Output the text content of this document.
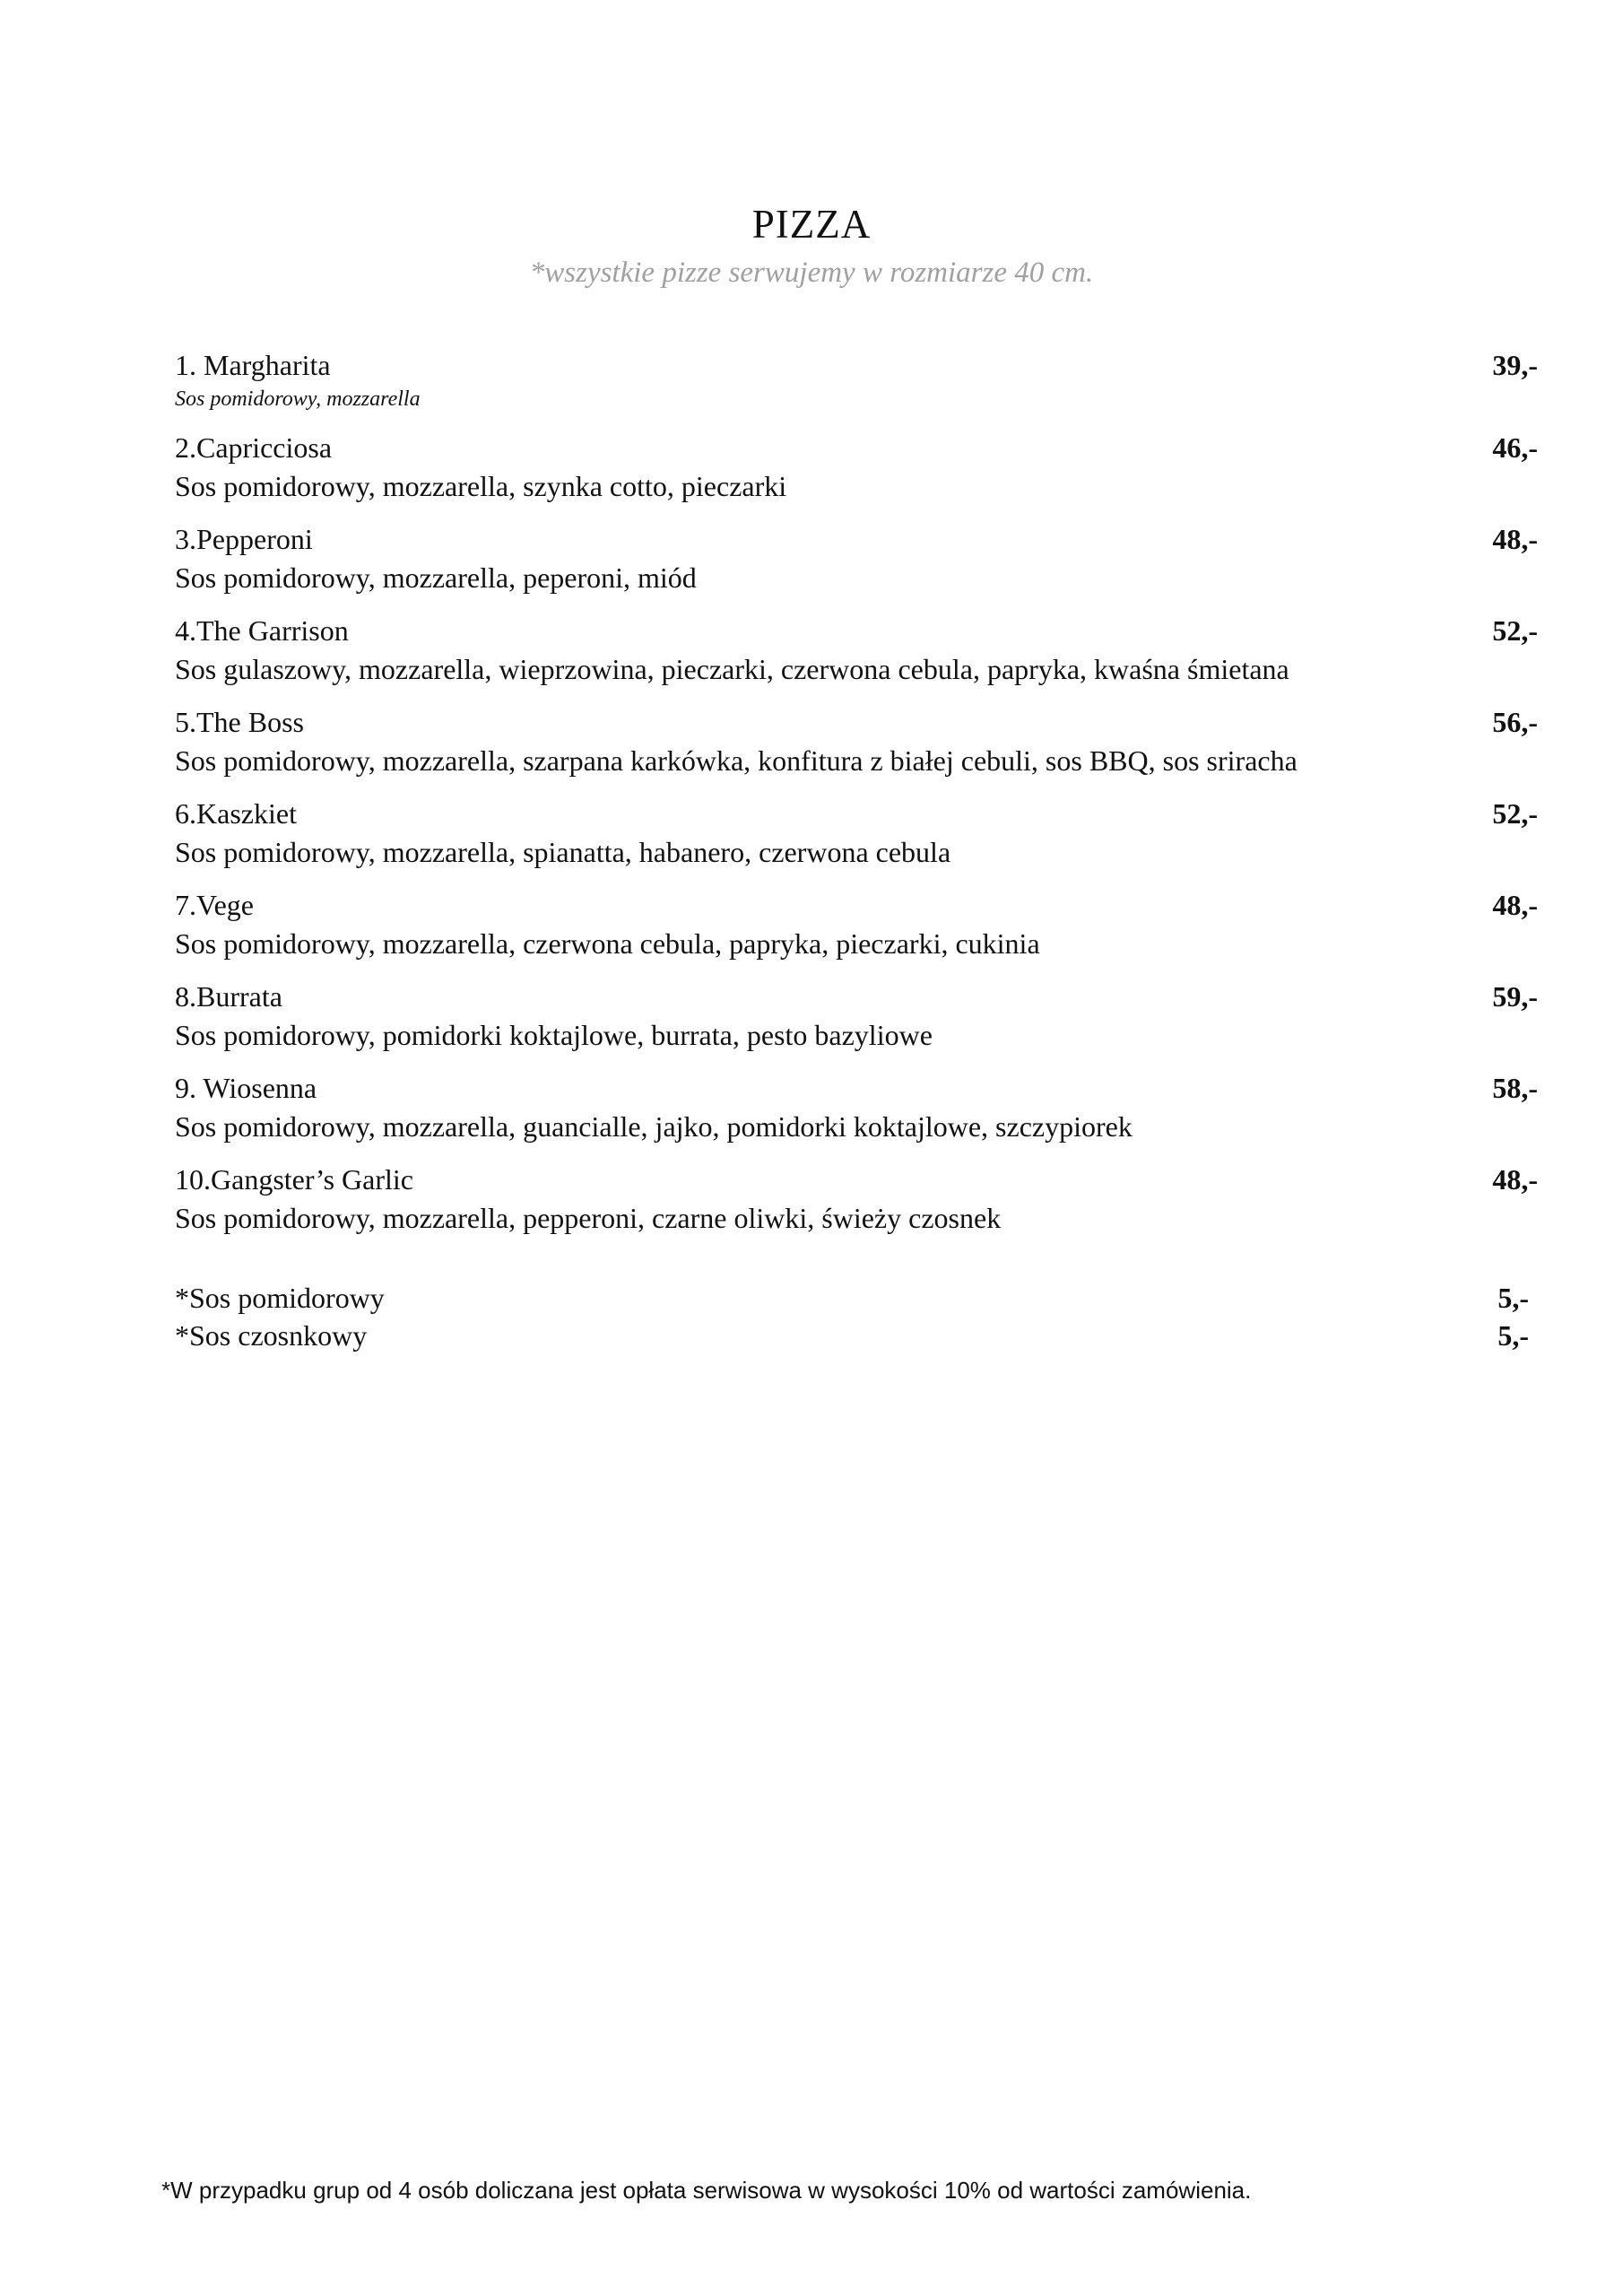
PIZZA
*wszystkie pizze serwujemy w rozmiarze 40 cm.
1. Margharita
Sos pomidorowy, mozzarella
39,-
2.Capricciosa
Sos pomidorowy, mozzarella, szynka cotto, pieczarki
46,-
3.Pepperoni
Sos pomidorowy, mozzarella, peperoni, miód
48,-
4.The Garrison
Sos gulaszowy, mozzarella, wieprzowina, pieczarki, czerwona cebula, papryka, kwaśna śmietana
52,-
5.The Boss
Sos pomidorowy, mozzarella, szarpana karkówka, konfitura z białej cebuli, sos BBQ, sos sriracha
56,-
6.Kaszkiet
Sos pomidorowy, mozzarella, spianatta, habanero, czerwona cebula
52,-
7.Vege
Sos pomidorowy, mozzarella, czerwona cebula, papryka, pieczarki, cukinia
48,-
8.Burrata
Sos pomidorowy, pomidorki koktajlowe, burrata, pesto bazyliowe
59,-
9. Wiosenna
Sos pomidorowy, mozzarella, guancialle, jajko, pomidorki koktajlowe, szczypiorek
58,-
10.Gangster’s Garlic
Sos pomidorowy, mozzarella, pepperoni, czarne oliwki, świeży czosnek
48,-
*Sos pomidorowy	5,-
*Sos czosnkowy	5,-
*W przypadku grup od 4 osób doliczana jest opłata serwisowa w wysokości 10% od wartości zamówienia.
